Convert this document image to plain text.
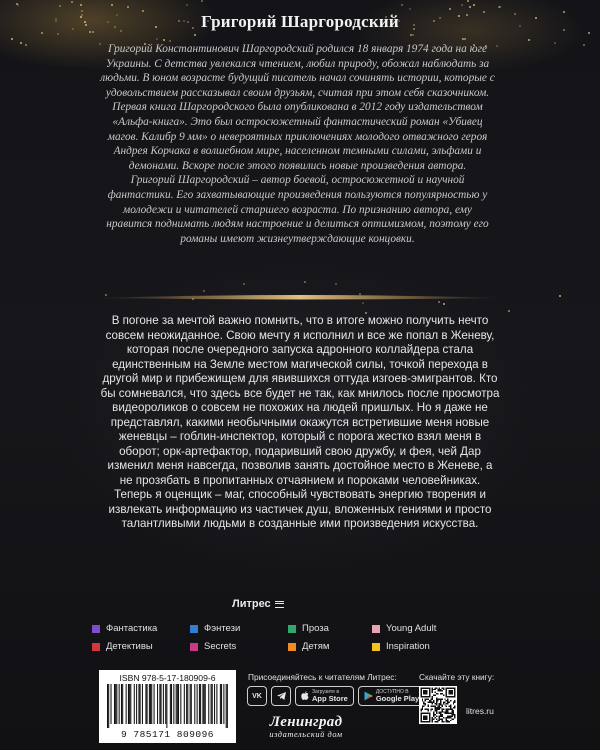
Григорий Шаргородский

Григорий Константинович Шаргородский родился 18 января 1974 года на юге Украины. С детства увлекался чтением, любил природу, обожал наблюдать за людьми. В юном возрасте будущий писатель начал сочинять истории, которые с удовольствием рассказывал своим друзьям, считая при этом себя сказочником.

Первая книга Шаргородского была опубликована в 2012 году издательством «Альфа-книга». Это был остросюжетный фантастический роман «Убивец магов. Калибр 9 мм» о невероятных приключениях молодого отважного героя Андрея Корчака в волшебном мире, населенном темными силами, эльфами и демонами. Вскоре после этого появились новые произведения автора.

Григорий Шаргородский – автор боевой, остросюжетной и научной фантастики. Его захватывающие произведения пользуются популярностью у молодежи и читателей старшего возраста. По признанию автора, ему нравится поднимать людям настроение и делиться оптимизмом, поэтому его романы имеют жизнеутверждающие концовки.

В погоне за мечтой важно помнить, что в итоге можно получить нечто совсем неожиданное. Свою мечту я исполнил и все же попал в Женеву, которая после очередного запуска адронного коллайдера стала единственным на Земле местом магической силы, точкой перехода в другой мир и прибежищем для явившихся оттуда изгоев-эмигрантов. Кто бы сомневался, что здесь все будет не так, как мнилось после просмотра видеороликов о совсем не похожих на людей пришлых. Но я даже не представлял, какими необычными окажутся встретившие меня новые женевцы – гоблин-инспектор, который с порога жестко взял меня в оборот; орк-артефактор, подаривший свою дружбу, и фея, чей Дар изменил меня навсегда, позволив занять достойное место в Женеве, а не прозябать в пропитанных отчаянием и пороками человейниках. Теперь я оценщик – маг, способный чувствовать энергию творения и извлекать информацию из частичек душ, вложенных гениями и просто талантливыми людьми в созданные ими произведения искусства.
Литрес
Фантастика	Фэнтези	Проза	Young Adult
Детективы	Secrets	Детям	Inspiration
ISBN 978-5-17-180909-6
9 785171 809096
Присоединяйтесь к читателям Литрес:
VK
Загрузите в
App Store
ДОСТУПНО В
Google Play
Скачайте эту книгу:
litres.ru
Ленинград
издательский дом
